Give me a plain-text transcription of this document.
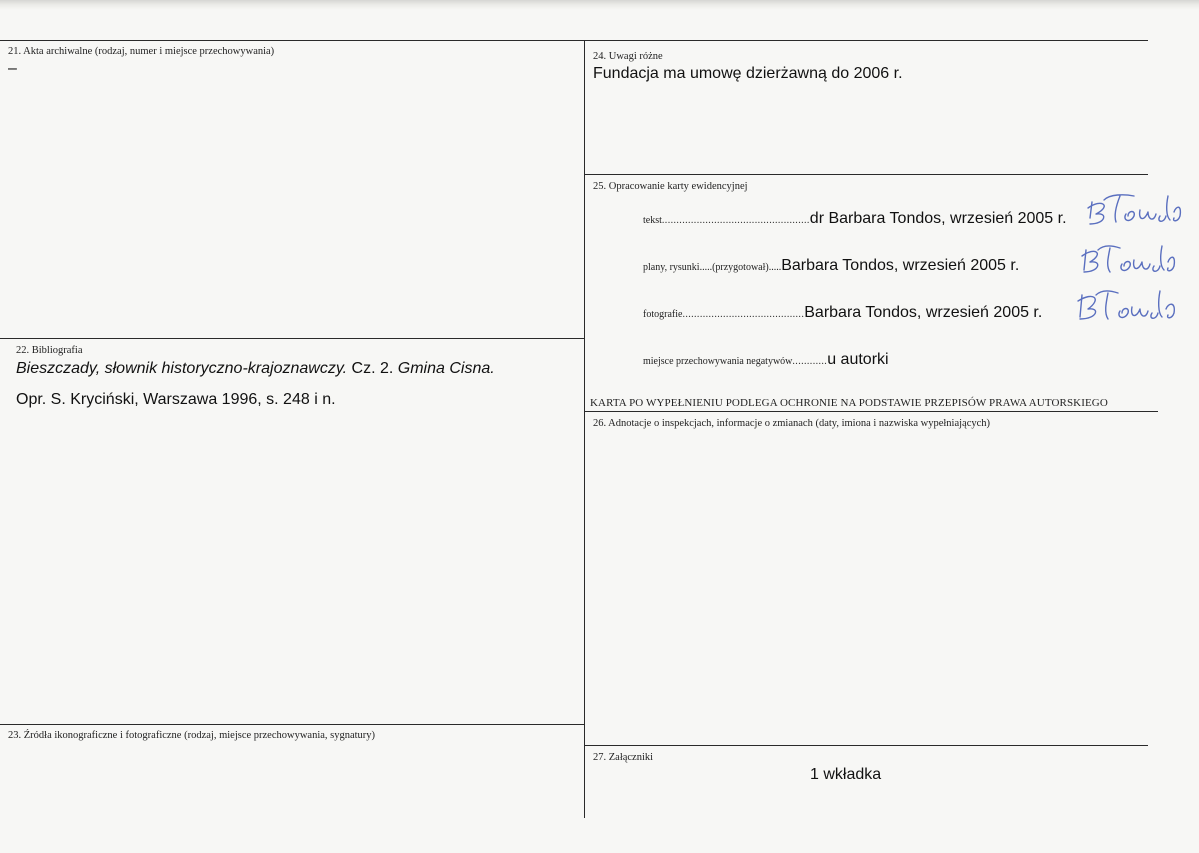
21. Akta archiwalne (rodzaj, numer i miejsce przechowywania)
–
22. Bibliografia
Bieszczady, słownik historyczno-krajoznawczy. Cz. 2. Gmina Cisna.
Opr. S. Kryciński, Warszawa 1996, s. 248 i n.
23. Źródła ikonograficzne i fotograficzne (rodzaj, miejsce przechowywania, sygnatury)
24. Uwagi różne
Fundacja ma umowę dzierżawną do 2006 r.
25. Opracowanie karty ewidencyjnej
tekst ................................................... dr Barbara Tondos, wrzesień 2005 r.
plany, rysunki.....(przygotował)..... Barbara Tondos, wrzesień 2005 r.
fotografie .......................................... Barbara Tondos, wrzesień 2005 r.
miejsce przechowywania negatywów ............ u autorki
KARTA PO WYPEŁNIENIU PODLEGA OCHRONIE NA PODSTAWIE PRZEPISÓW PRAWA AUTORSKIEGO
26. Adnotacje o inspekcjach, informacje o zmianach (daty, imiona i nazwiska wypełniających)
27. Załączniki
1 wkładka
